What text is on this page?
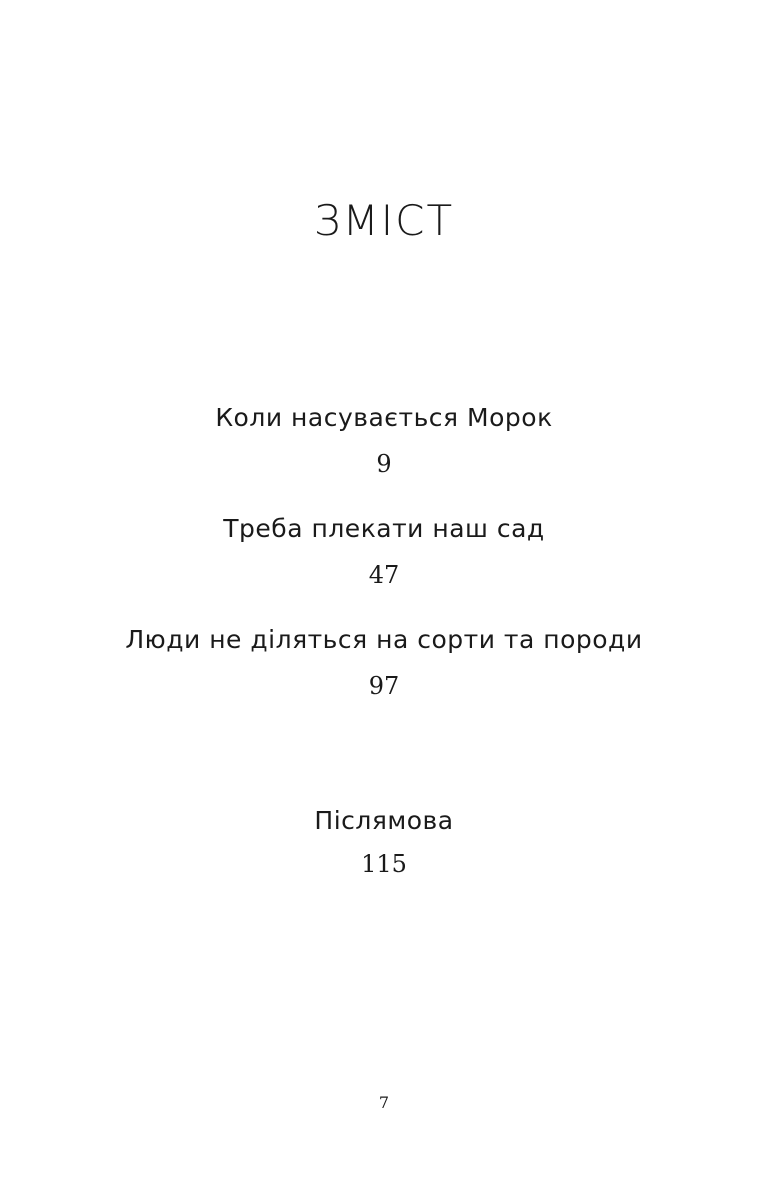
ЗМІСТ
Коли насувається Морок
9
Треба плекати наш сад
47
Люди не діляться на сорти та породи
97
Післямова
115
7
